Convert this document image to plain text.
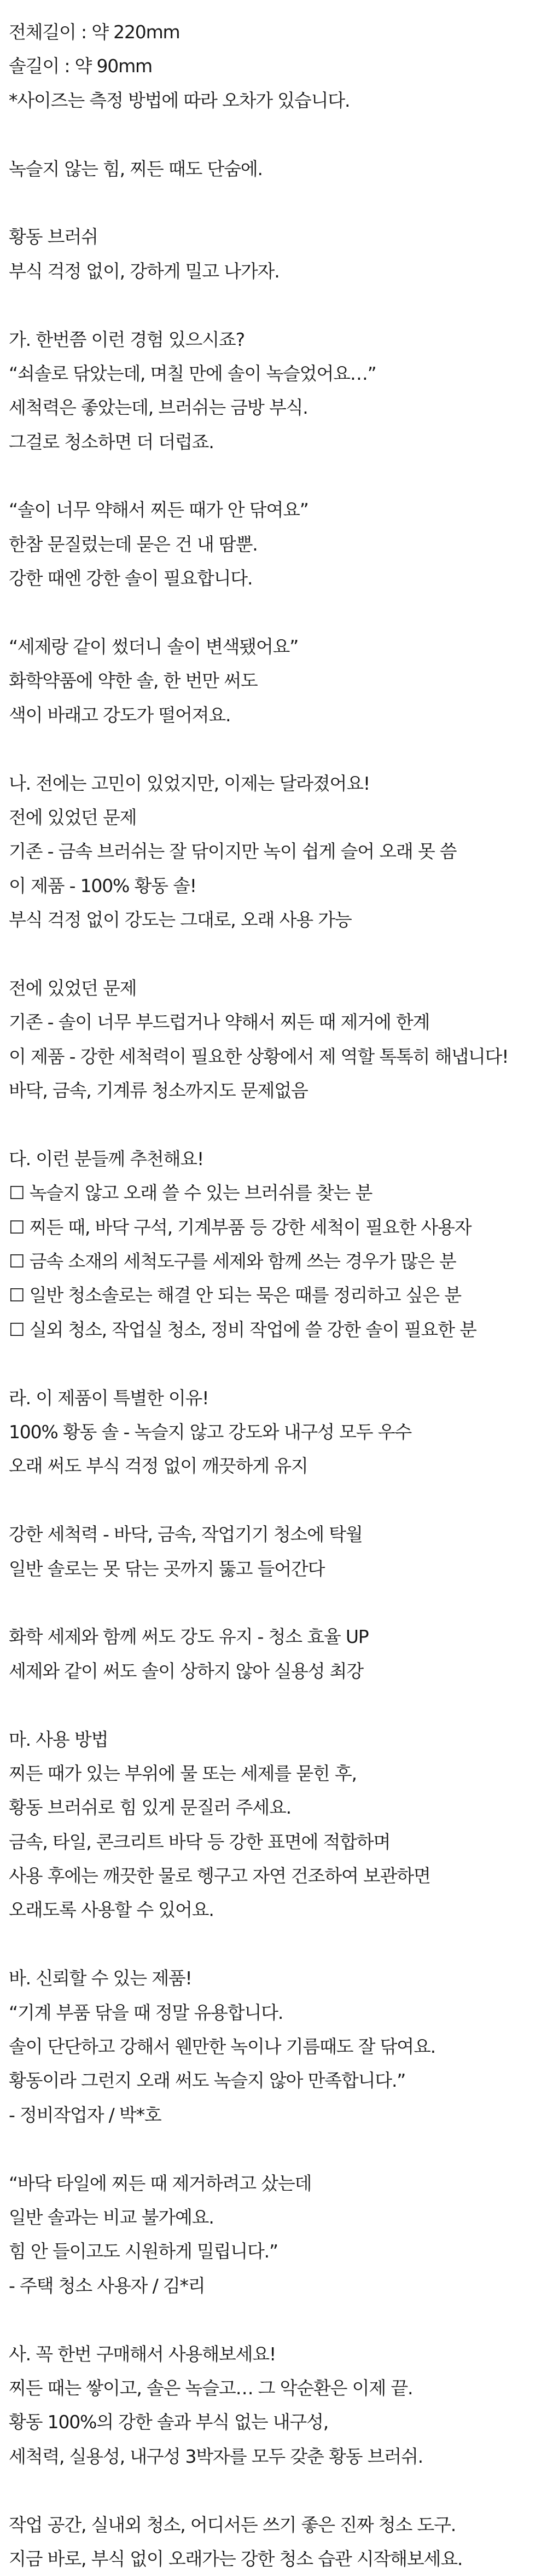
전체길이 : 약 220mm
솔길이 : 약 90mm
*사이즈는 측정 방법에 따라 오차가 있습니다.
녹슬지 않는 힘, 찌든 때도 단숨에.
황동 브러쉬
부식 걱정 없이, 강하게 밀고 나가자.
가. 한번쯤 이런 경험 있으시죠?
“쇠솔로 닦았는데, 며칠 만에 솔이 녹슬었어요…”
세척력은 좋았는데, 브러쉬는 금방 부식.
그걸로 청소하면 더 더럽죠.
“솔이 너무 약해서 찌든 때가 안 닦여요”
한참 문질렀는데 묻은 건 내 땀뿐.
강한 때엔 강한 솔이 필요합니다.
“세제랑 같이 썼더니 솔이 변색됐어요”
화학약품에 약한 솔, 한 번만 써도
색이 바래고 강도가 떨어져요.
나. 전에는 고민이 있었지만, 이제는 달라졌어요!
전에 있었던 문제
기존 - 금속 브러쉬는 잘 닦이지만 녹이 쉽게 슬어 오래 못 씀
이 제품 - 100% 황동 솔!
부식 걱정 없이 강도는 그대로, 오래 사용 가능
전에 있었던 문제
기존 - 솔이 너무 부드럽거나 약해서 찌든 때 제거에 한계
이 제품 - 강한 세척력이 필요한 상황에서 제 역할 톡톡히 해냅니다!
바닥, 금속, 기계류 청소까지도 문제없음
다. 이런 분들께 추천해요!
☐ 녹슬지 않고 오래 쓸 수 있는 브러쉬를 찾는 분
☐ 찌든 때, 바닥 구석, 기계부품 등 강한 세척이 필요한 사용자
☐ 금속 소재의 세척도구를 세제와 함께 쓰는 경우가 많은 분
☐ 일반 청소솔로는 해결 안 되는 묵은 때를 정리하고 싶은 분
☐ 실외 청소, 작업실 청소, 정비 작업에 쓸 강한 솔이 필요한 분
라. 이 제품이 특별한 이유!
100% 황동 솔 - 녹슬지 않고 강도와 내구성 모두 우수
오래 써도 부식 걱정 없이 깨끗하게 유지
강한 세척력 - 바닥, 금속, 작업기기 청소에 탁월
일반 솔로는 못 닦는 곳까지 뚫고 들어간다
화학 세제와 함께 써도 강도 유지 - 청소 효율 UP
세제와 같이 써도 솔이 상하지 않아 실용성 최강
마. 사용 방법
찌든 때가 있는 부위에 물 또는 세제를 묻힌 후,
황동 브러쉬로 힘 있게 문질러 주세요.
금속, 타일, 콘크리트 바닥 등 강한 표면에 적합하며
사용 후에는 깨끗한 물로 헹구고 자연 건조하여 보관하면
오래도록 사용할 수 있어요.
바. 신뢰할 수 있는 제품!
“기계 부품 닦을 때 정말 유용합니다.
솔이 단단하고 강해서 웬만한 녹이나 기름때도 잘 닦여요.
황동이라 그런지 오래 써도 녹슬지 않아 만족합니다.”
- 정비작업자 / 박*호
“바닥 타일에 찌든 때 제거하려고 샀는데
일반 솔과는 비교 불가예요.
힘 안 들이고도 시원하게 밀립니다.”
- 주택 청소 사용자 / 김*리
사. 꼭 한번 구매해서 사용해보세요!
찌든 때는 쌓이고, 솔은 녹슬고… 그 악순환은 이제 끝.
황동 100%의 강한 솔과 부식 없는 내구성,
세척력, 실용성, 내구성 3박자를 모두 갖춘 황동 브러쉬.
작업 공간, 실내외 청소, 어디서든 쓰기 좋은 진짜 청소 도구.
지금 바로, 부식 없이 오래가는 강한 청소 습관 시작해보세요.
